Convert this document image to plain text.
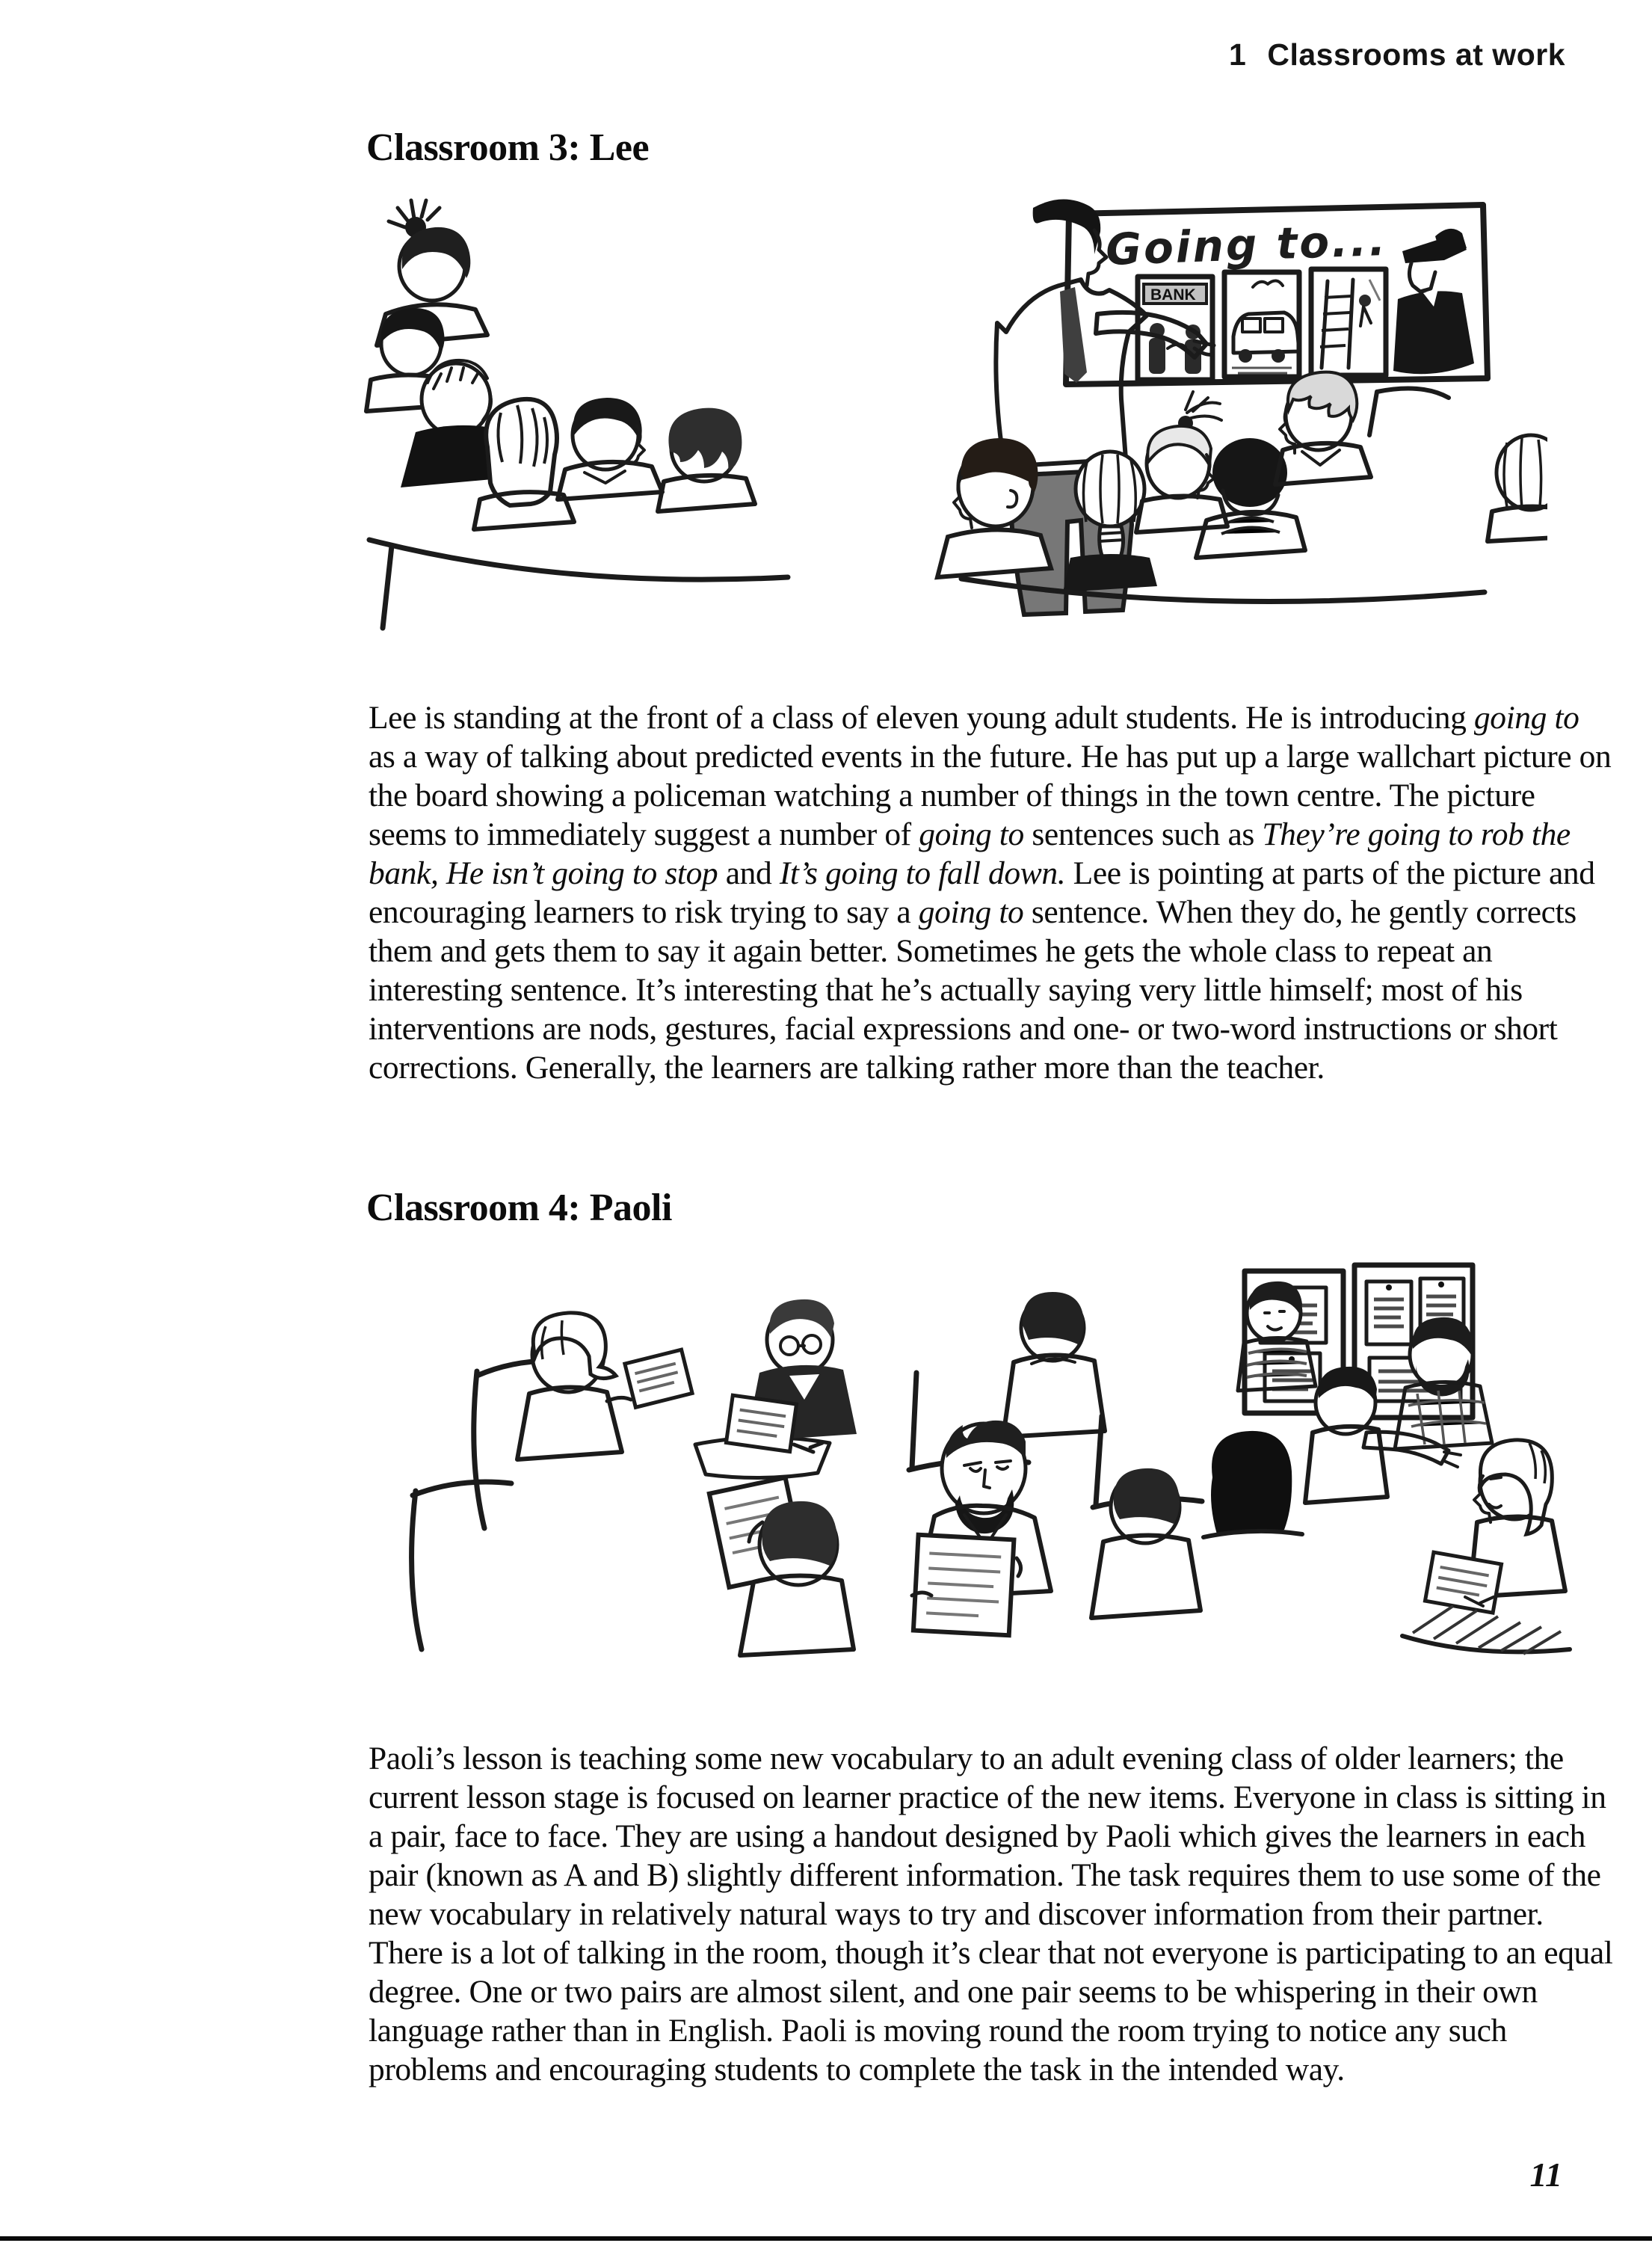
1 Classrooms at work
Classroom 3: Lee
Going to...
BANK

Lee is standing at the front of a class of eleven young adult students. He is introducing going to as a way of talking about predicted events in the future. He has put up a large wallchart picture on the board showing a policeman watching a number of things in the town centre. The picture seems to immediately suggest a number of going to sentences such as They’re going to rob the bank, He isn’t going to stop and It’s going to fall down. Lee is pointing at parts of the picture and encouraging learners to risk trying to say a going to sentence. When they do, he gently corrects them and gets them to say it again better. Sometimes he gets the whole class to repeat an interesting sentence. It’s interesting that he’s actually saying very little himself; most of his interventions are nods, gestures, facial expressions and one- or two-word instructions or short corrections. Generally, the learners are talking rather more than the teacher.

Classroom 4: Paoli

Paoli’s lesson is teaching some new vocabulary to an adult evening class of older learners; the current lesson stage is focused on learner practice of the new items. Everyone in class is sitting in a pair, face to face. They are using a handout designed by Paoli which gives the learners in each pair (known as A and B) slightly different information. The task requires them to use some of the new vocabulary in relatively natural ways to try and discover information from their partner. There is a lot of talking in the room, though it’s clear that not everyone is participating to an equal degree. One or two pairs are almost silent, and one pair seems to be whispering in their own language rather than in English. Paoli is moving round the room trying to notice any such problems and encouraging students to complete the task in the intended way.

11
